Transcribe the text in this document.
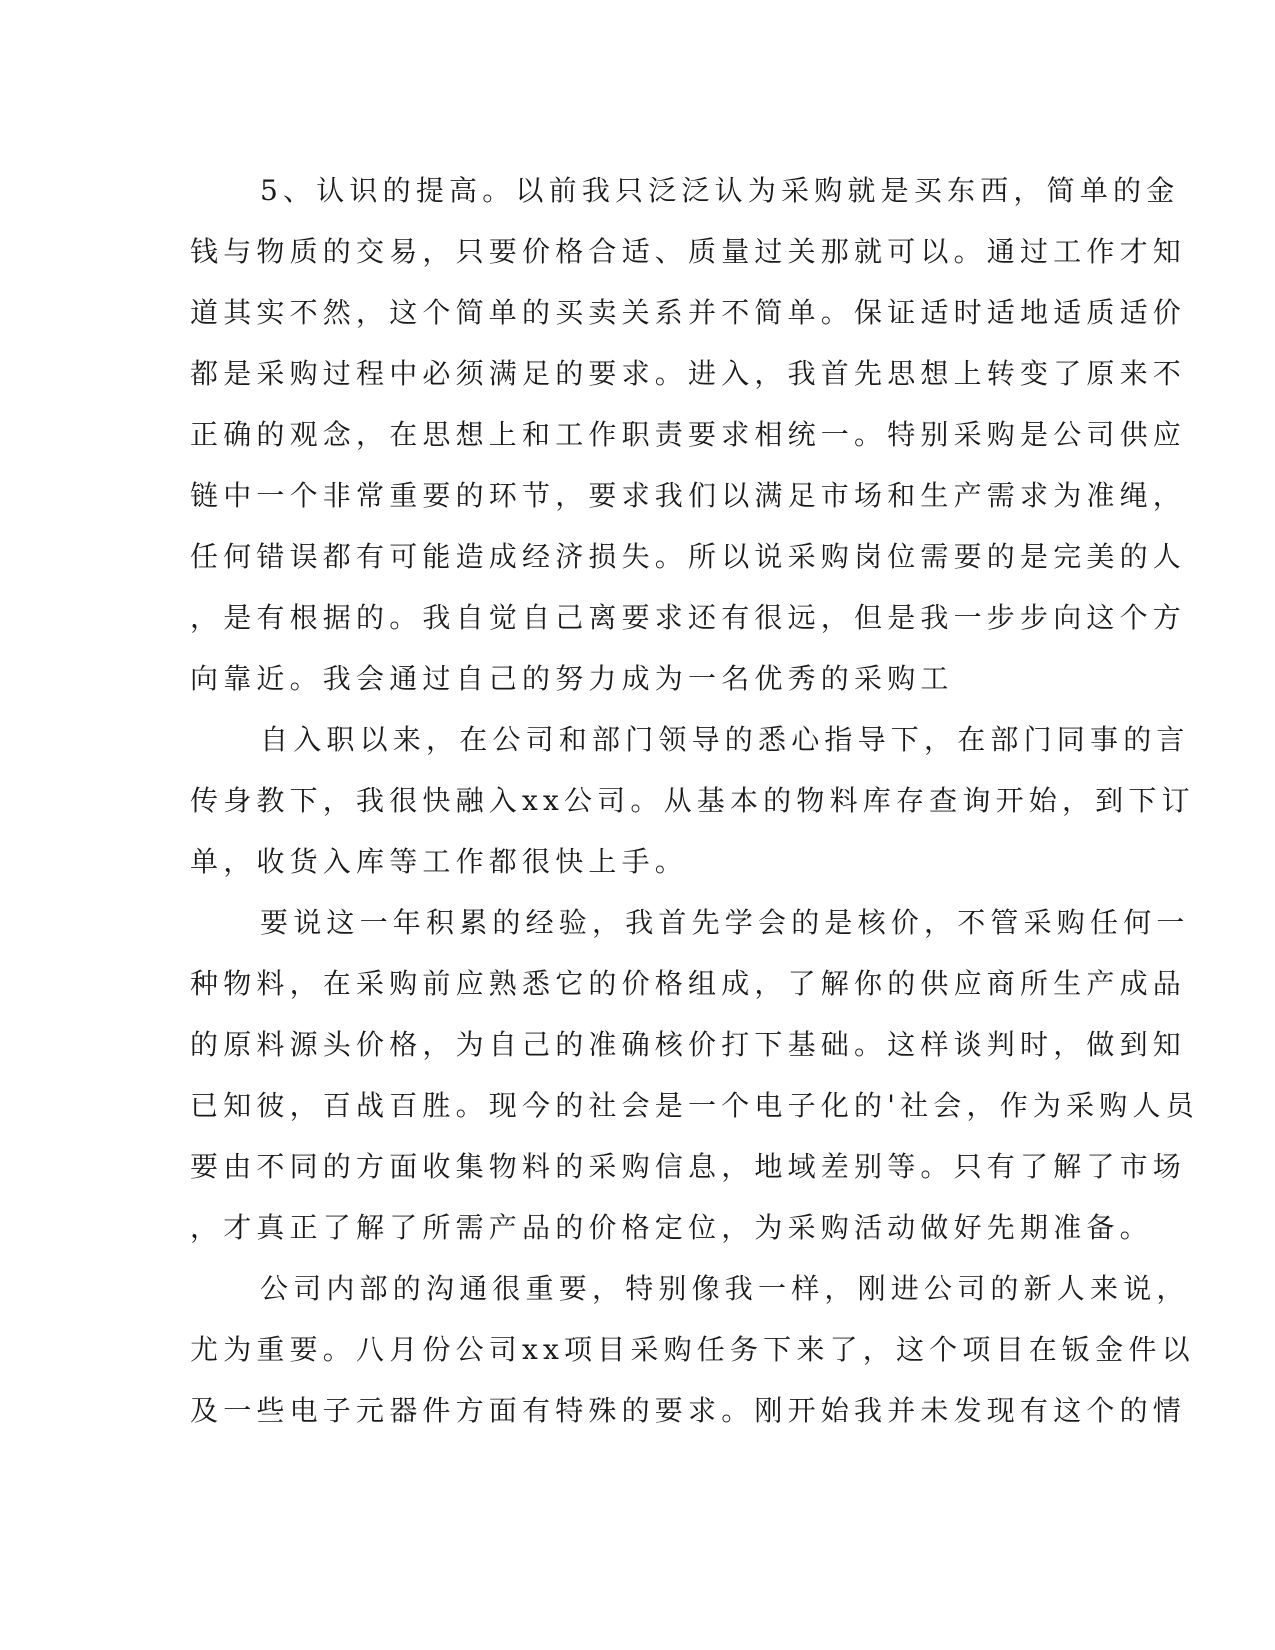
5、认识的提高。以前我只泛泛认为采购就是买东西，简单的金
钱与物质的交易，只要价格合适、质量过关那就可以。通过工作才知
道其实不然，这个简单的买卖关系并不简单。保证适时适地适质适价
都是采购过程中必须满足的要求。进入，我首先思想上转变了原来不
正确的观念，在思想上和工作职责要求相统一。特别采购是公司供应
链中一个非常重要的环节，要求我们以满足市场和生产需求为准绳，
任何错误都有可能造成经济损失。所以说采购岗位需要的是完美的人
，是有根据的。我自觉自己离要求还有很远，但是我一步步向这个方
向靠近。我会通过自己的努力成为一名优秀的采购工
自入职以来，在公司和部门领导的悉心指导下，在部门同事的言
传身教下，我很快融入xx公司。从基本的物料库存查询开始，到下订
单，收货入库等工作都很快上手。
要说这一年积累的经验，我首先学会的是核价，不管采购任何一
种物料，在采购前应熟悉它的价格组成，了解你的供应商所生产成品
的原料源头价格，为自己的准确核价打下基础。这样谈判时，做到知
已知彼，百战百胜。现今的社会是一个电子化的'社会，作为采购人员
要由不同的方面收集物料的采购信息，地域差别等。只有了解了市场
，才真正了解了所需产品的价格定位，为采购活动做好先期准备。
公司内部的沟通很重要，特别像我一样，刚进公司的新人来说，
尤为重要。八月份公司xx项目采购任务下来了，这个项目在钣金件以
及一些电子元器件方面有特殊的要求。刚开始我并未发现有这个的情
